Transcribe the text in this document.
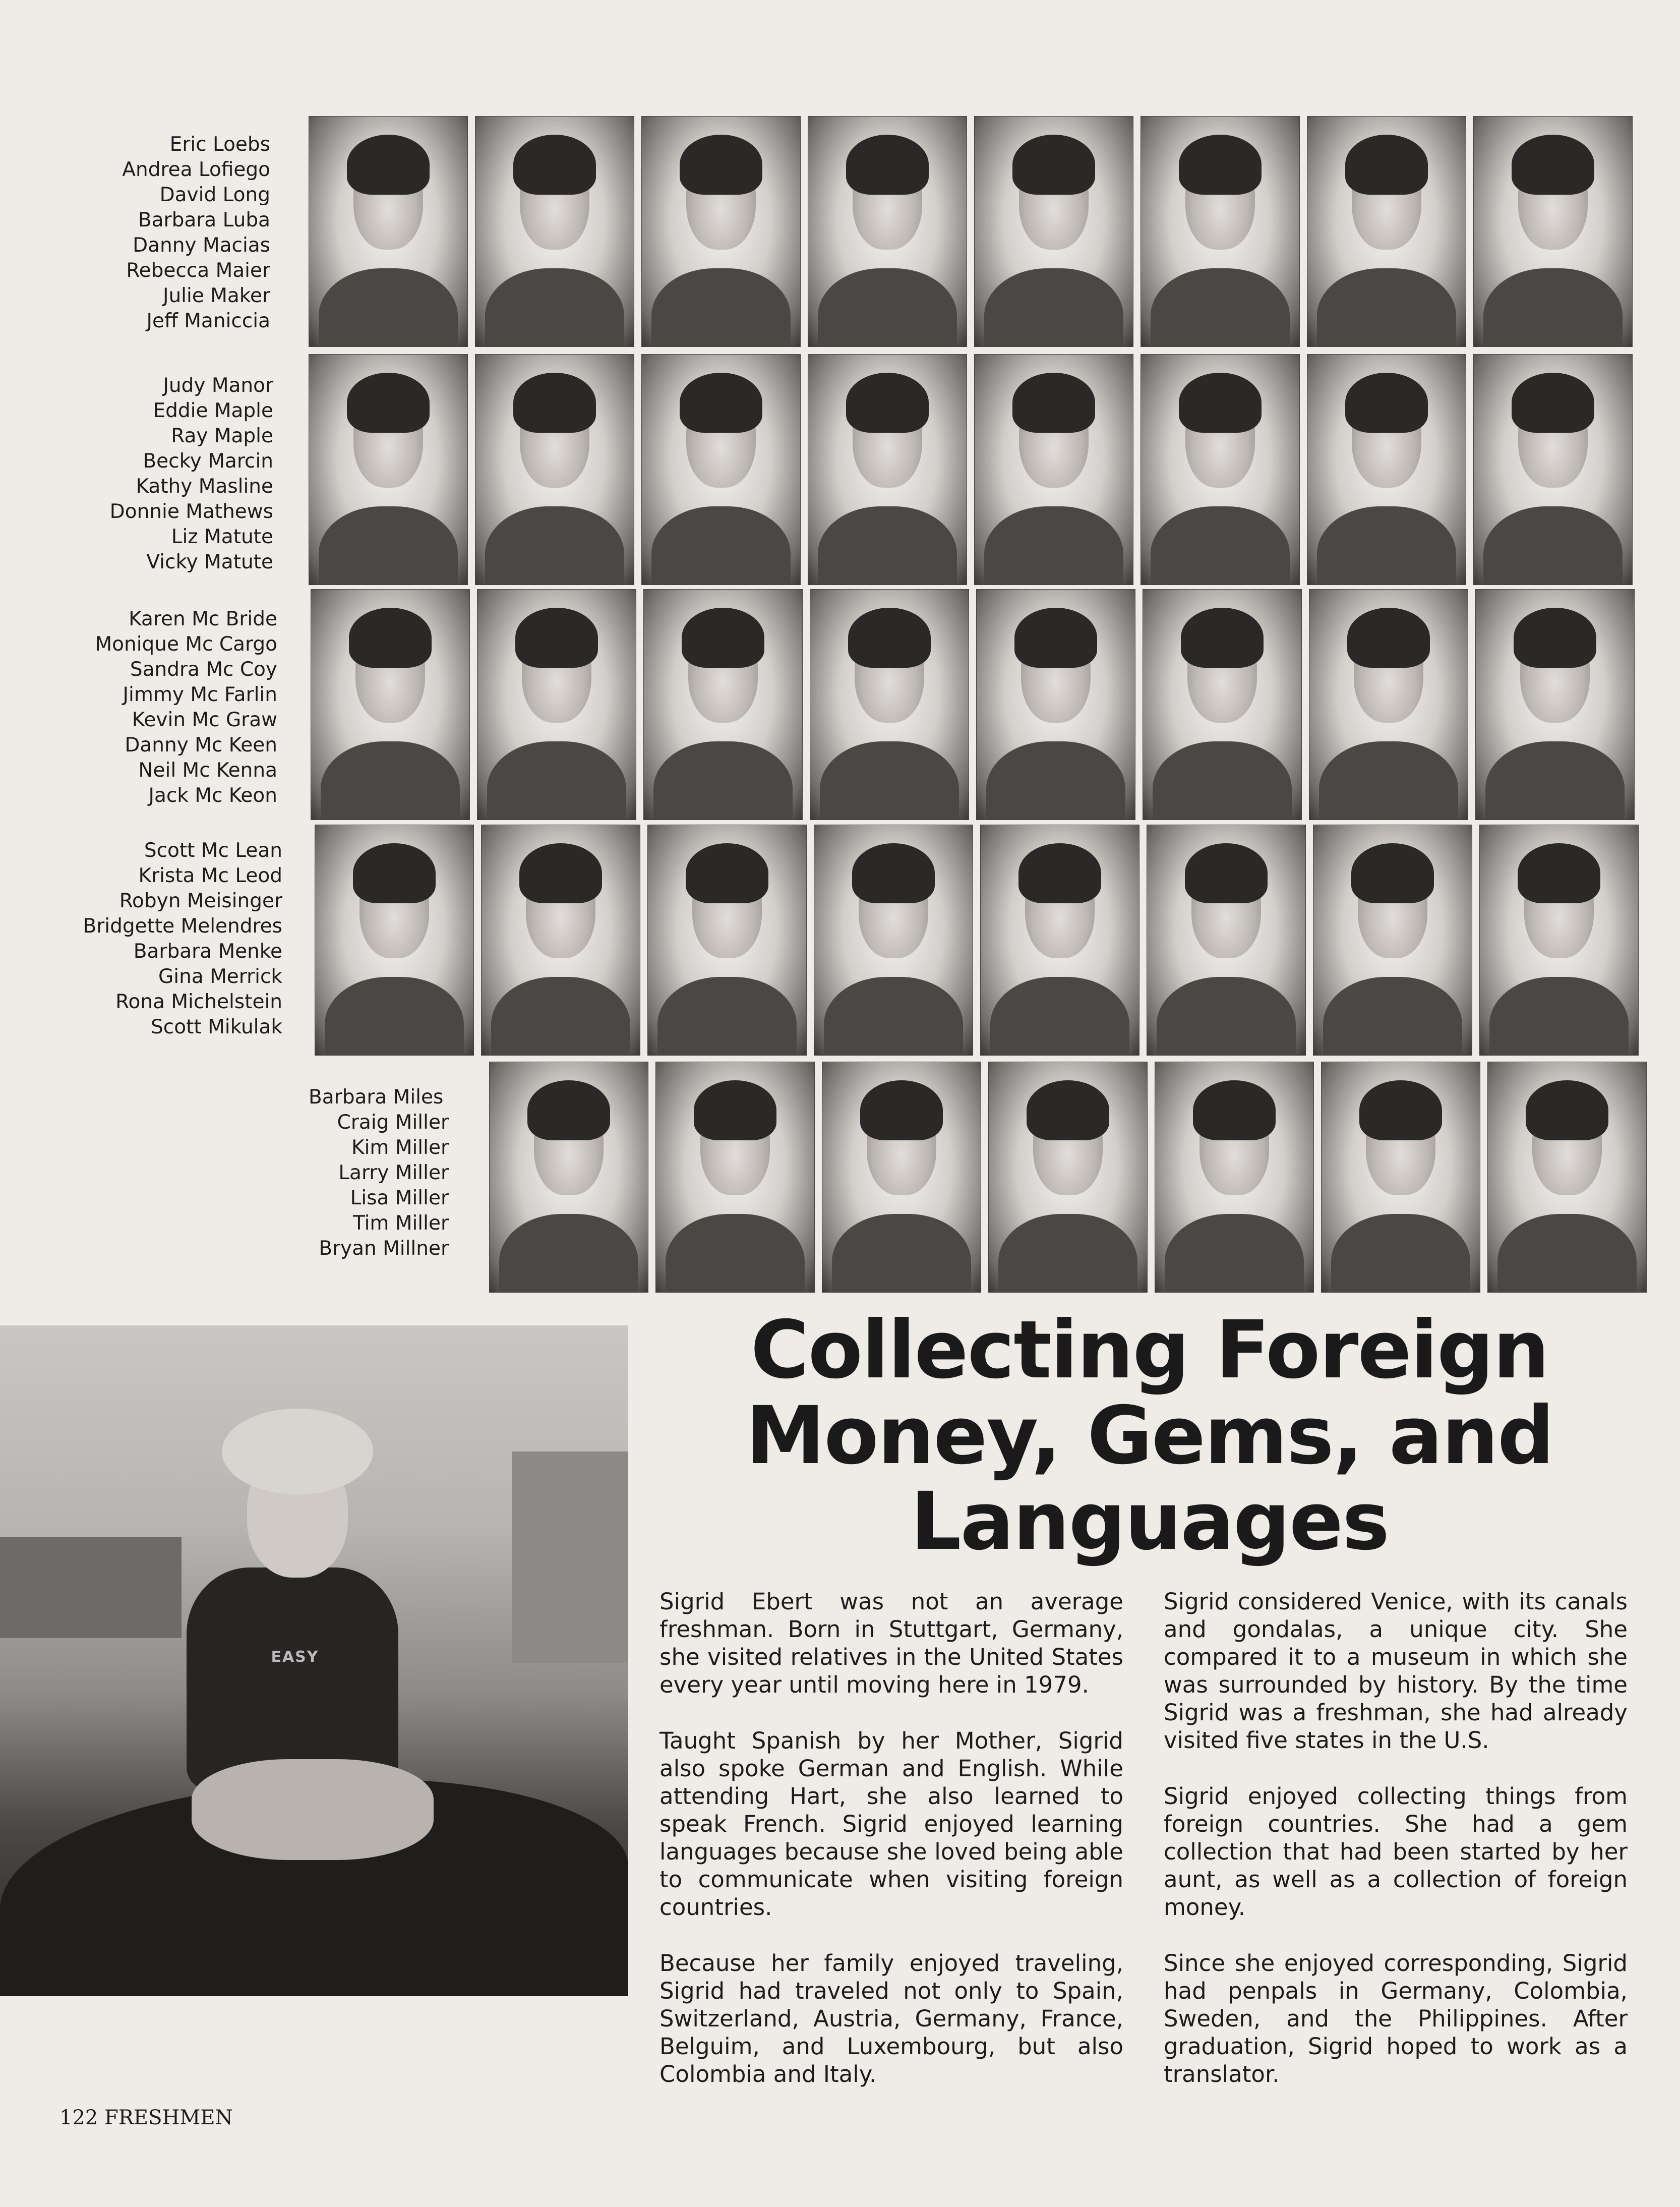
Eric Loebs
Andrea Lofiego
David Long
Barbara Luba
Danny Macias
Rebecca Maier
Julie Maker
Jeff Maniccia
Judy Manor
Eddie Maple
Ray Maple
Becky Marcin
Kathy Masline
Donnie Mathews
Liz Matute
Vicky Matute
Karen Mc Bride
Monique Mc Cargo
Sandra Mc Coy
Jimmy Mc Farlin
Kevin Mc Graw
Danny Mc Keen
Neil Mc Kenna
Jack Mc Keon
Scott Mc Lean
Krista Mc Leod
Robyn Meisinger
Bridgette Melendres
Barbara Menke
Gina Merrick
Rona Michelstein
Scott Mikulak
Barbara Miles
Craig Miller
Kim Miller
Larry Miller
Lisa Miller
Tim Miller
Bryan Millner
EASY
Collecting Foreign
Money, Gems, and
Languages

Sigrid Ebert was not an average freshman. Born in Stuttgart, Germany, she visited relatives in the United States every year until moving here in 1979.

Taught Spanish by her Mother, Sigrid also spoke German and English. While attending Hart, she also learned to speak French. Sigrid enjoyed learning languages because she loved being able to communicate when visiting foreign countries.

Because her family enjoyed traveling, Sigrid had traveled not only to Spain, Switzerland, Austria, Germany, France, Belguim, and Luxembourg, but also Colombia and Italy.

Sigrid considered Venice, with its canals and gondalas, a unique city. She compared it to a museum in which she was surrounded by history. By the time Sigrid was a freshman, she had already visited five states in the U.S.

Sigrid enjoyed collecting things from foreign countries. She had a gem collection that had been started by her aunt, as well as a collection of foreign money.

Since she enjoyed corresponding, Sigrid had penpals in Germany, Colombia, Sweden, and the Philippines. After graduation, Sigrid hoped to work as a translator.

122 FRESHMEN
